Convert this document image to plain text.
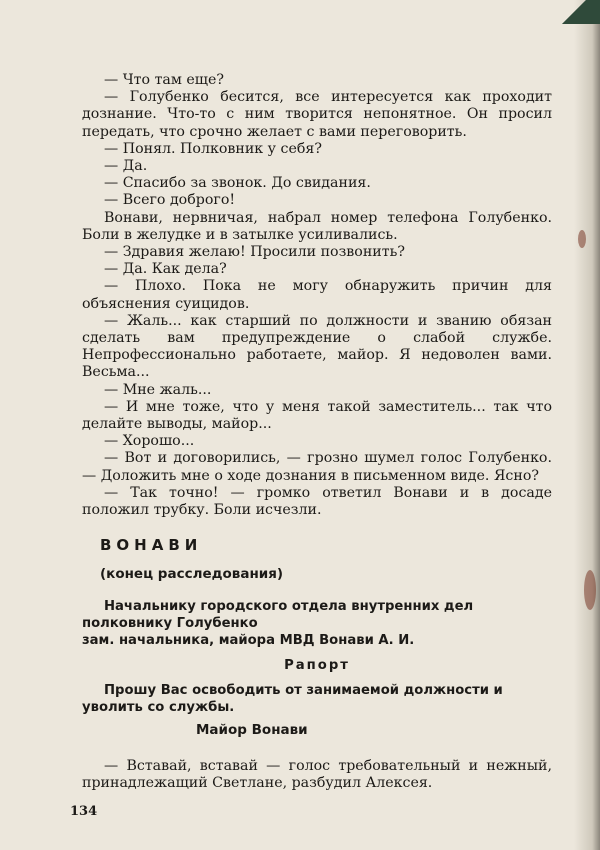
— Что там еще?

— Голубенко бесится, все интересуется как проходит дознание. Что-то с ним творится непонятное. Он просил передать, что срочно желает с вами переговорить.

— Понял. Полковник у себя?

— Да.

— Спасибо за звонок. До свидания.

— Всего доброго!

Вонави, нервничая, набрал номер телефона Голубенко. Боли в желудке и в затылке усиливались.

— Здравия желаю! Просили позвонить?

— Да. Как дела?

— Плохо. Пока не могу обнаружить причин для объяснения суицидов.

— Жаль... как старший по должности и званию обязан сделать вам предупреждение о слабой службе. Непрофессионально работаете, майор. Я недоволен вами. Весьма...

— Мне жаль...

— И мне тоже, что у меня такой заместитель... так что делайте выводы, майор...

— Хорошо...

— Вот и договорились, — грозно шумел голос Голубенко. — Доложить мне о ходе дознания в письменном виде. Ясно?

— Так точно! — громко ответил Вонави и в досаде положил трубку. Боли исчезли.

ВОНАВИ
(конец расследования)

Начальнику городского отдела внутренних дел полковнику Голубенко

зам. начальника, майора МВД Вонави А. И.

Рапорт

Прошу Вас освободить от занимаемой должности и уволить со службы.

Майор Вонави

— Вставай, вставай — голос требовательный и нежный, принадлежащий Светлане, разбудил Алексея.

134
